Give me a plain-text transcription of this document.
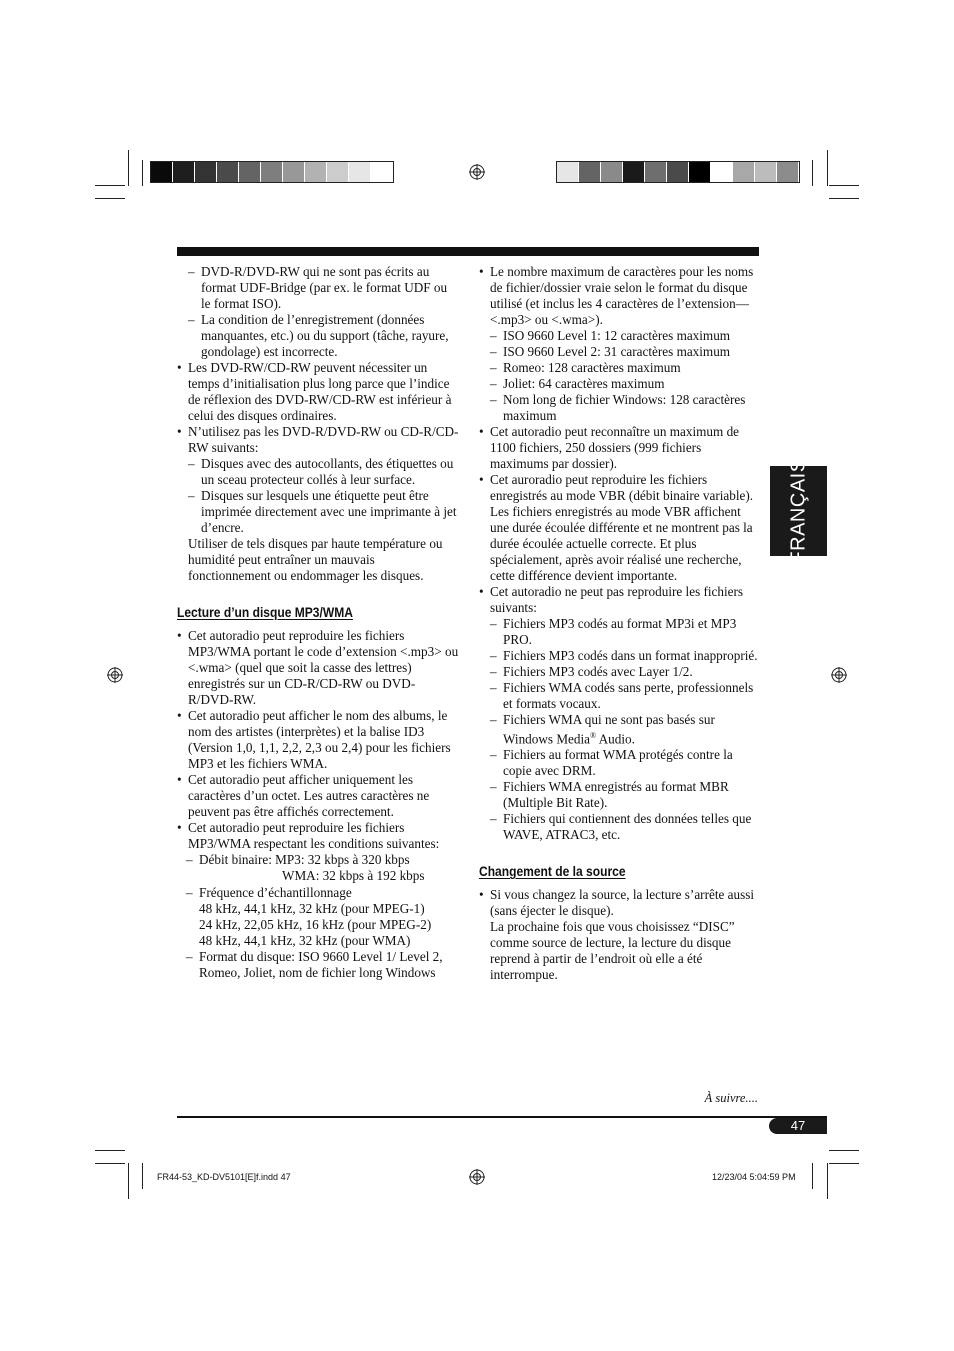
– DVD-R/DVD-RW qui ne sont pas écrits au format UDF-Bridge (par ex. le format UDF ou le format ISO).

– La condition de l’enregistrement (données manquantes, etc.) ou du support (tâche, rayure, gondolage) est incorrecte.

• Les DVD-RW/CD-RW peuvent nécessiter un temps d’initialisation plus long parce que l’indice de réflexion des DVD-RW/CD-RW est inférieur à celui des disques ordinaires.

• N’utilisez pas les DVD-R/DVD-RW ou CD-R/CD-RW suivants:

– Disques avec des autocollants, des étiquettes ou un sceau protecteur collés à leur surface.

– Disques sur lesquels une étiquette peut être imprimée directement avec une imprimante à jet d’encre.

Utiliser de tels disques par haute température ou humidité peut entraîner un mauvais fonctionnement ou endommager les disques.

Lecture d’un disque MP3/WMA

• Cet autoradio peut reproduire les fichiers MP3/WMA portant le code d’extension <.mp3> ou <.wma> (quel que soit la casse des lettres) enregistrés sur un CD-R/CD-RW ou DVD-R/DVD-RW.

• Cet autoradio peut afficher le nom des albums, le nom des artistes (interprètes) et la balise ID3 (Version 1,0, 1,1, 2,2, 2,3 ou 2,4) pour les fichiers MP3 et les fichiers WMA.

• Cet autoradio peut afficher uniquement les caractères d’un octet. Les autres caractères ne peuvent pas être affichés correctement.

• Cet autoradio peut reproduire les fichiers MP3/WMA respectant les conditions suivantes:

– Débit binaire: MP3: 32 kbps à 320 kbps
WMA: 32 kbps à 192 kbps
– Fréquence d’échantillonnage
48 kHz, 44,1 kHz, 32 kHz (pour MPEG-1)
24 kHz, 22,05 kHz, 16 kHz (pour MPEG-2)
48 kHz, 44,1 kHz, 32 kHz (pour WMA)

– Format du disque: ISO 9660 Level 1/ Level 2, Romeo, Joliet, nom de fichier long Windows

• Le nombre maximum de caractères pour les noms de fichier/dossier vraie selon le format du disque utilisé (et inclus les 4 caractères de l’extension—<.mp3> ou <.wma>).

– ISO 9660 Level 1: 12 caractères maximum

– ISO 9660 Level 2: 31 caractères maximum

– Romeo: 128 caractères maximum

– Joliet: 64 caractères maximum

– Nom long de fichier Windows: 128 caractères maximum

• Cet autoradio peut reconnaître un maximum de 1100 fichiers, 250 dossiers (999 fichiers maximums par dossier).

• Cet auroradio peut reproduire les fichiers enregistrés au mode VBR (débit binaire variable).

Les fichiers enregistrés au mode VBR affichent une durée écoulée différente et ne montrent pas la durée écoulée actuelle correcte. Et plus spécialement, après avoir réalisé une recherche, cette différence devient importante.

• Cet autoradio ne peut pas reproduire les fichiers suivants:

– Fichiers MP3 codés au format MP3i et MP3 PRO.

– Fichiers MP3 codés dans un format inapproprié.

– Fichiers MP3 codés avec Layer 1/2.

– Fichiers WMA codés sans perte, professionnels et formats vocaux.

– Fichiers WMA qui ne sont pas basés sur Windows Media® Audio.

– Fichiers au format WMA protégés contre la copie avec DRM.

– Fichiers WMA enregistrés au format MBR (Multiple Bit Rate).

– Fichiers qui contiennent des données telles que WAVE, ATRAC3, etc.

Changement de la source

• Si vous changez la source, la lecture s’arrête aussi (sans éjecter le disque).

La prochaine fois que vous choisissez “DISC” comme source de lecture, la lecture du disque reprend à partir de l’endroit où elle a été interrompue.

FRANÇAIS
À suivre....
47
FR44-53_KD-DV5101[E]f.indd 47	12/23/04 5:04:59 PM
